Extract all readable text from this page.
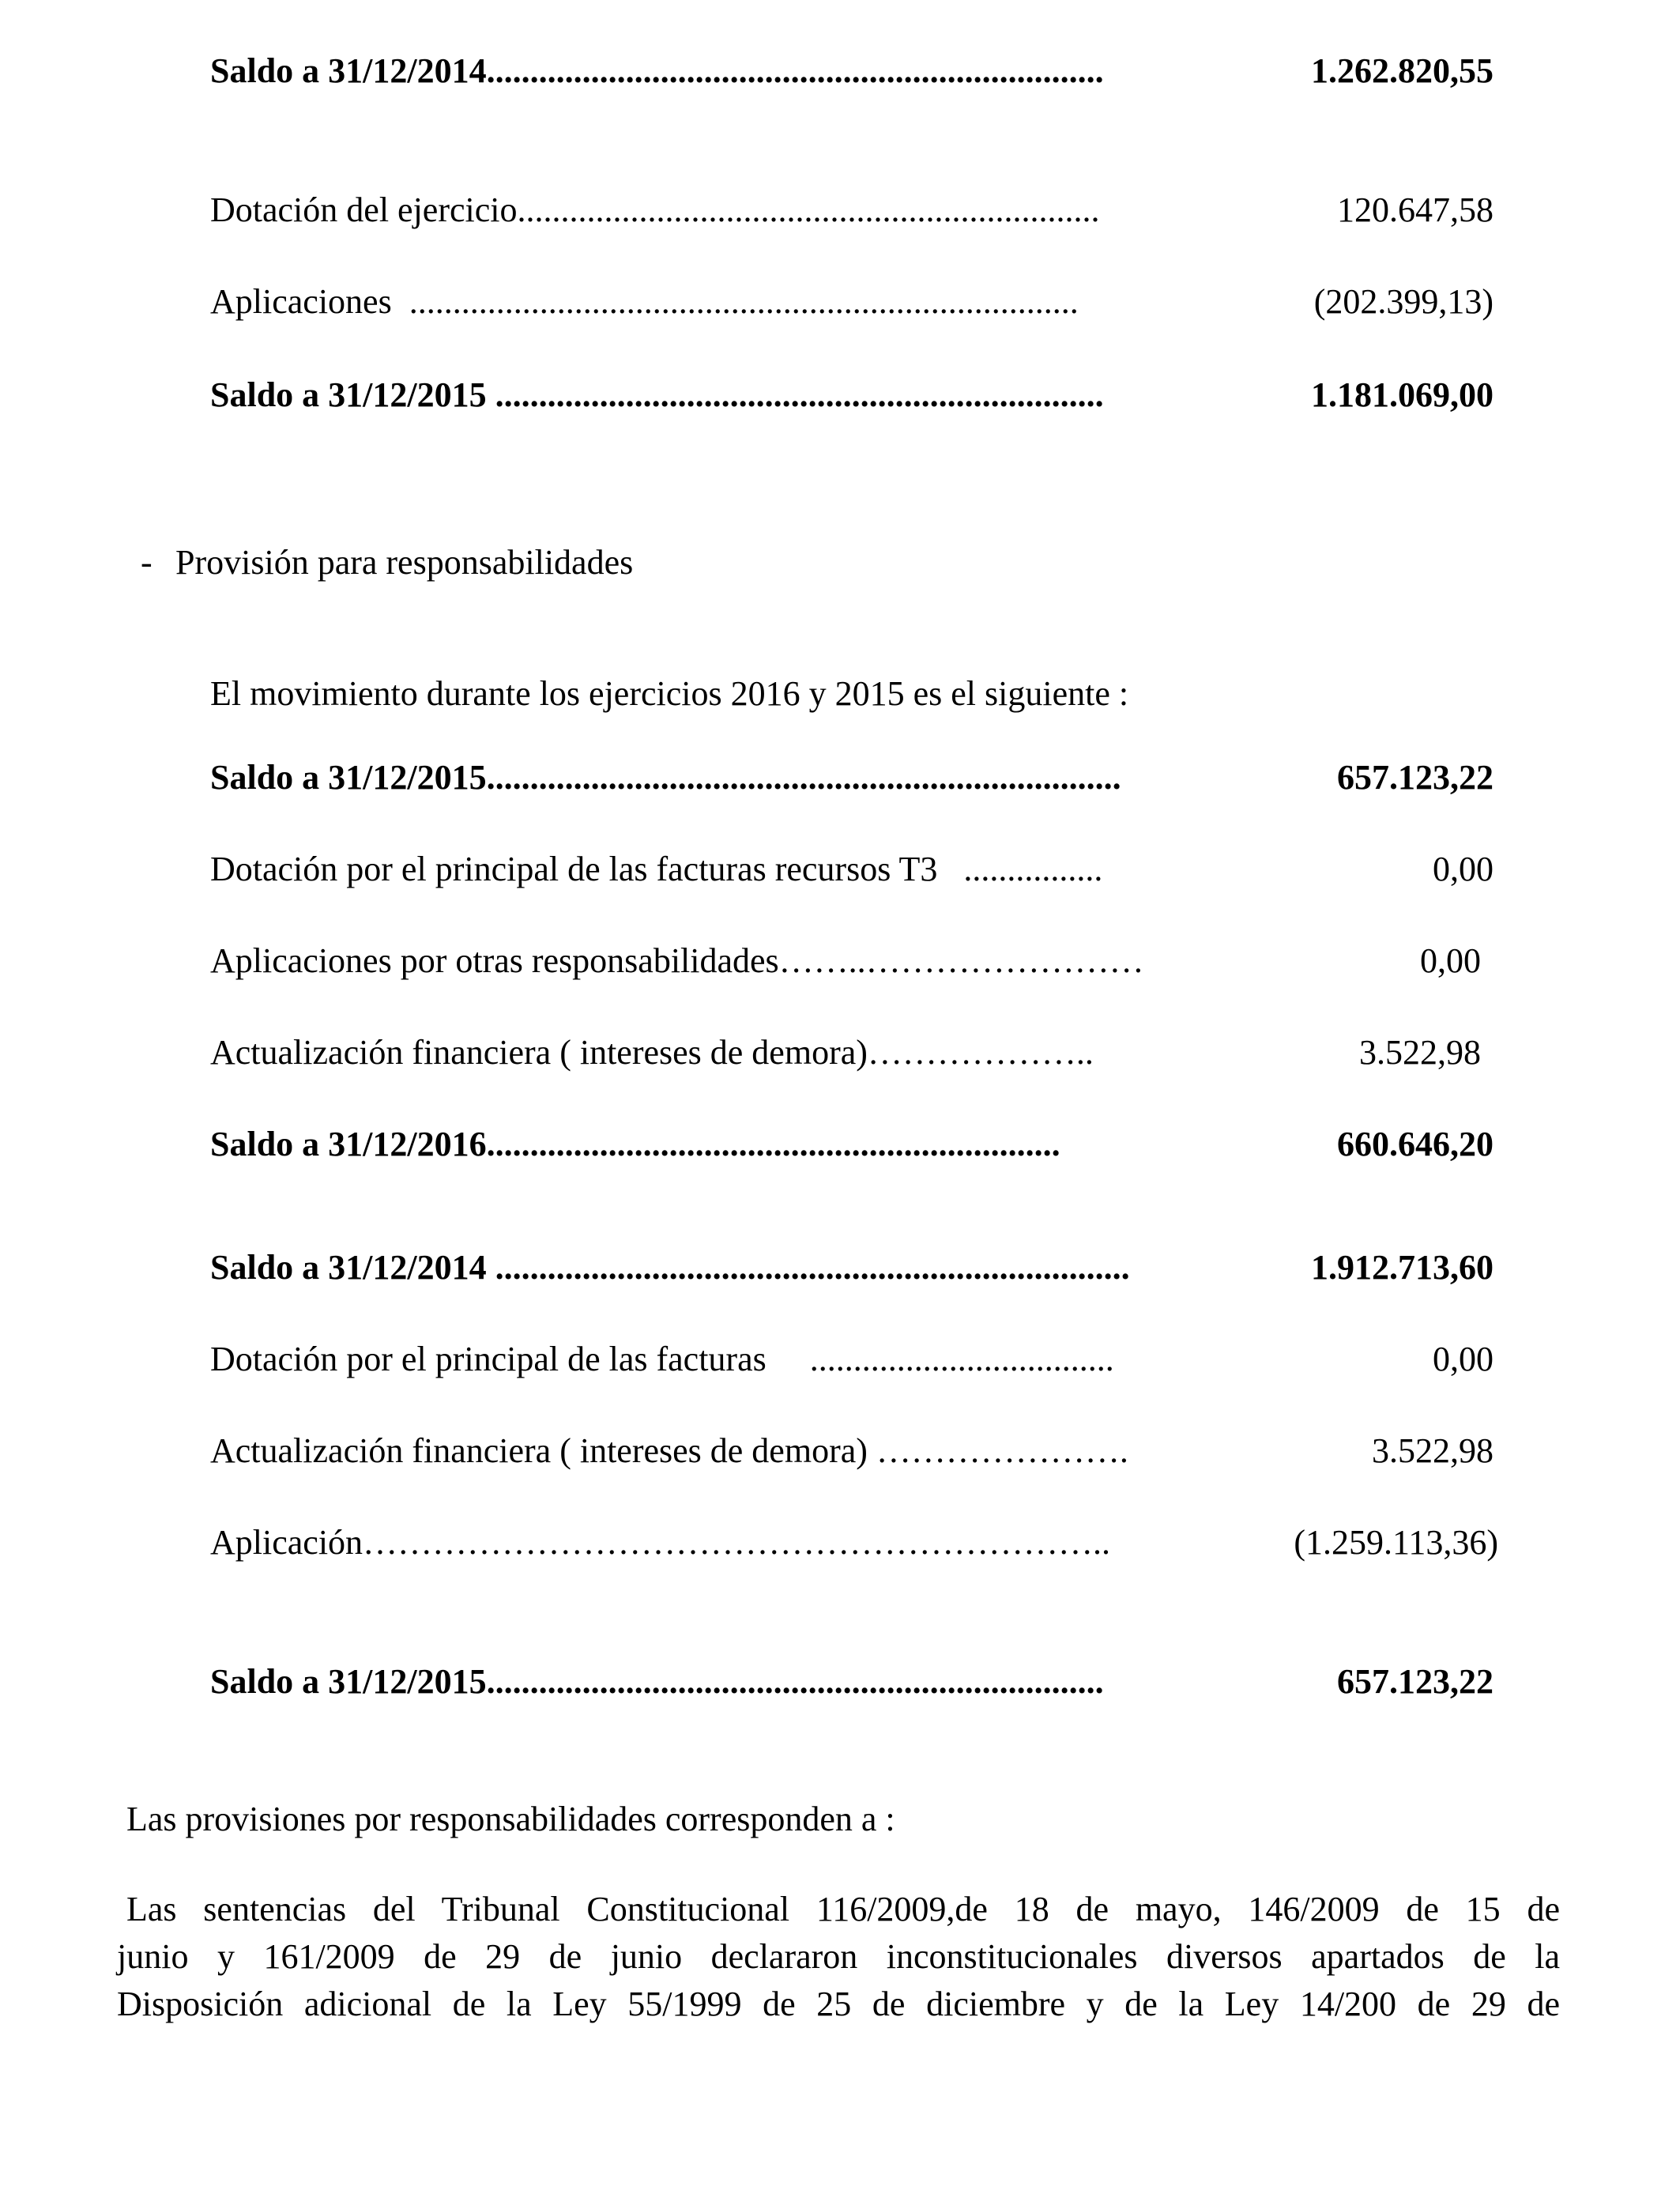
Saldo a 31/12/2014.......................................................................	1.262.820,55
Dotación del ejercicio...................................................................	120.647,58
Aplicaciones  .............................................................................	(202.399,13)
Saldo a 31/12/2015 ......................................................................	1.181.069,00
- Provisión para responsabilidades
El movimiento durante los ejercicios 2016 y 2015 es el siguiente :
Saldo a 31/12/2015.........................................................................	657.123,22
Dotación por el principal de las facturas recursos T3   ................	0,00
Aplicaciones por otras responsabilidades……..……………………	0,00
Actualización financiera ( intereses de demora)………………..	3.522,98
Saldo a 31/12/2016..................................................................	660.646,20
Saldo a 31/12/2014 .........................................................................	1.912.713,60
Dotación por el principal de las facturas     ...................................	0,00
Actualización financiera ( intereses de demora) ………………….	3.522,98
Aplicación………………………………………………………..	(1.259.113,36)
Saldo a 31/12/2015.......................................................................	657.123,22
Las provisiones por responsabilidades corresponden a :
Las sentencias del Tribunal Constitucional 116/2009,de 18 de mayo, 146/2009 de 15 de
junio y 161/2009 de 29 de junio declararon inconstitucionales diversos apartados de la
Disposición adicional de la Ley 55/1999 de 25 de diciembre y de la Ley 14/200 de 29 de
